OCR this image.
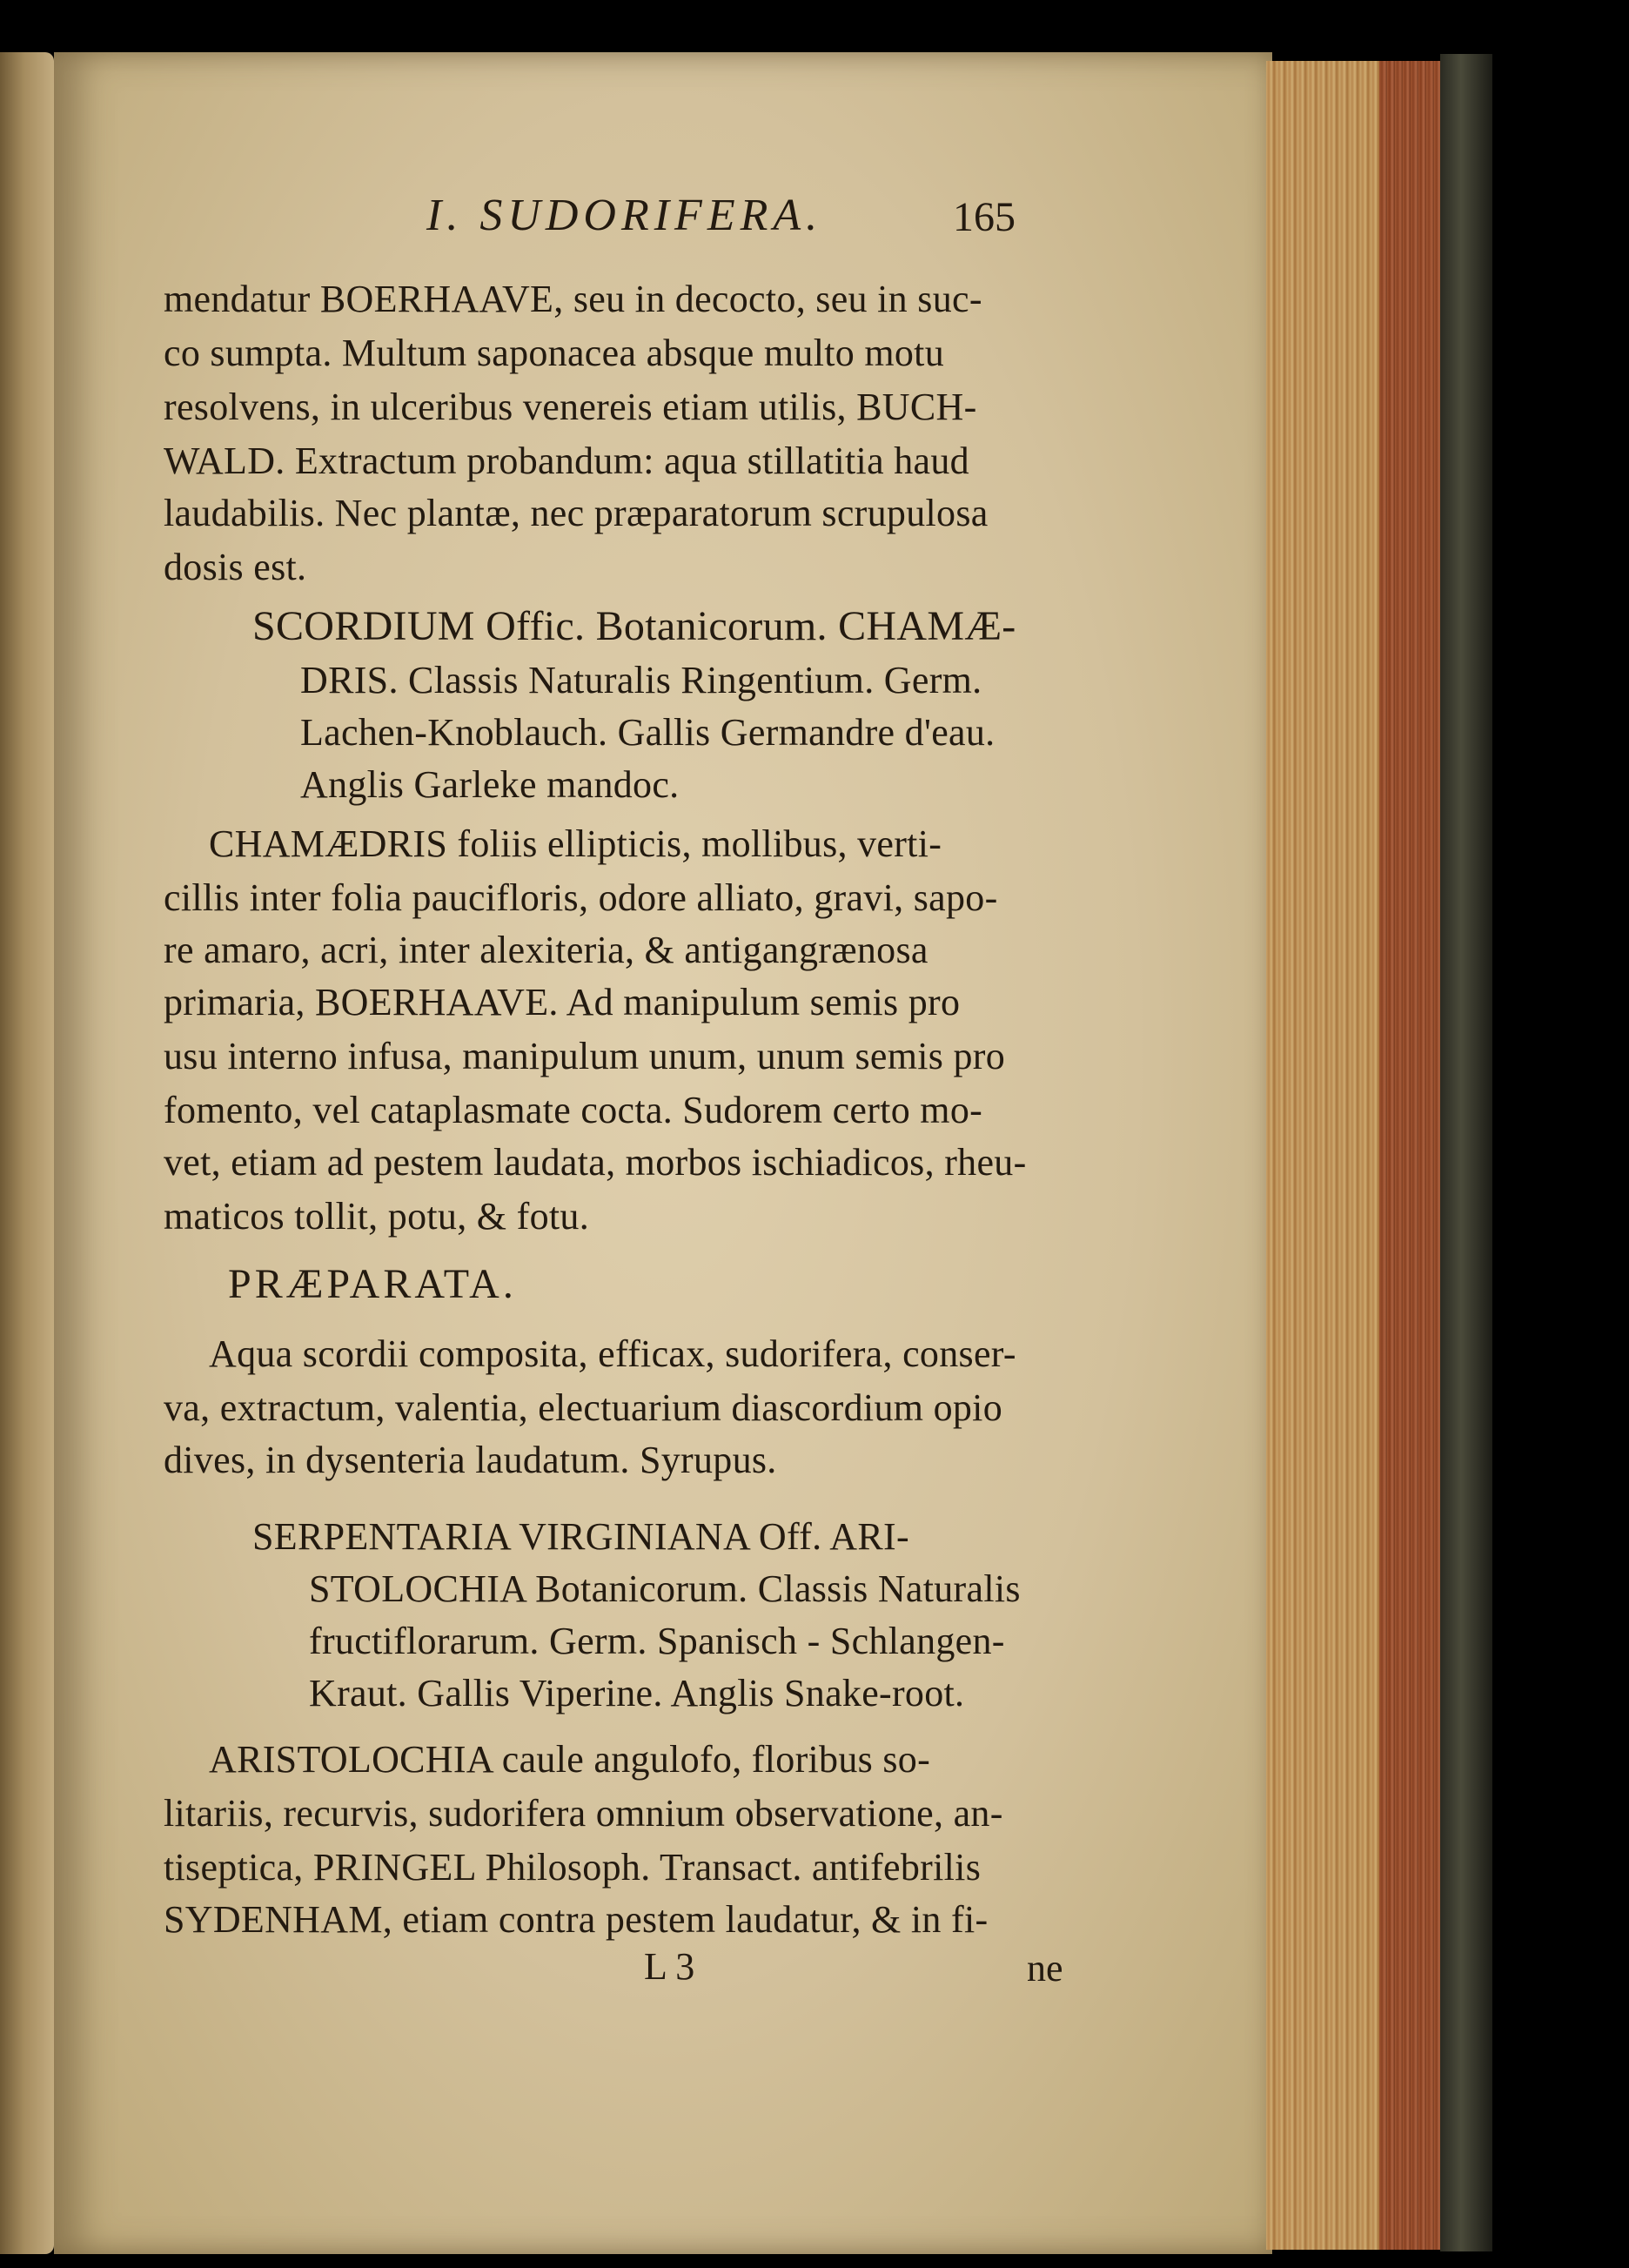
I. SUDORIFERA.	165
mendatur BOERHAAVE, seu in decocto, seu in suc-
co sumpta. Multum saponacea absque multo motu
resolvens, in ulceribus venereis etiam utilis, BUCH-
WALD. Extractum probandum: aqua stillatitia haud
laudabilis. Nec plantæ, nec præparatorum scrupulosa
dosis est.
SCORDIUM Offic. Botanicorum. CHAMÆ-
DRIS. Classis Naturalis Ringentium. Germ.
Lachen-Knoblauch. Gallis Germandre d'eau.
Anglis Garleke mandoc.
CHAMÆDRIS foliis ellipticis, mollibus, verti-
cillis inter folia paucifloris, odore alliato, gravi, sapo-
re amaro, acri, inter alexiteria, & antigangrænosa
primaria, BOERHAAVE. Ad manipulum semis pro
usu interno infusa, manipulum unum, unum semis pro
fomento, vel cataplasmate cocta. Sudorem certo mo-
vet, etiam ad pestem laudata, morbos ischiadicos, rheu-
maticos tollit, potu, & fotu.
PRÆPARATA.
Aqua scordii composita, efficax, sudorifera, conser-
va, extractum, valentia, electuarium diascordium opio
dives, in dysenteria laudatum. Syrupus.
SERPENTARIA VIRGINIANA Off. ARI-
STOLOCHIA Botanicorum. Classis Naturalis
fructiflorarum. Germ. Spanisch - Schlangen-
Kraut. Gallis Viperine. Anglis Snake-root.
ARISTOLOCHIA caule angulofo, floribus so-
litariis, recurvis, sudorifera omnium observatione, an-
tiseptica, PRINGEL Philosoph. Transact. antifebrilis
SYDENHAM, etiam contra pestem laudatur, & in fi-
L 3	ne
